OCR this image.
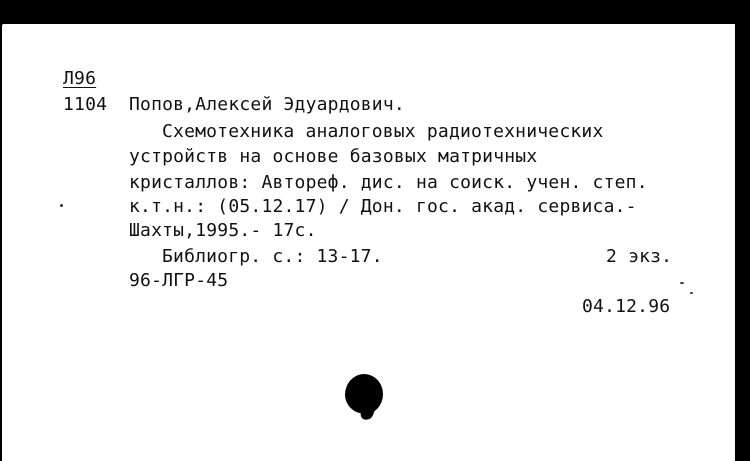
Л96
1104 Попов,Алексей Эдуардович.
Схемотехника аналоговых радиотехнических
устройств на основе базовых матричных
кристаллов: Автореф. дис. на соиск. учен. степ.
к.т.н.: (05.12.17) / Дон. гос. акад. сервиса.-
Шахты,1995.- 17с.
Библиогр. с.: 13-17.	2 экз.
96-ЛГР-45
04.12.96
